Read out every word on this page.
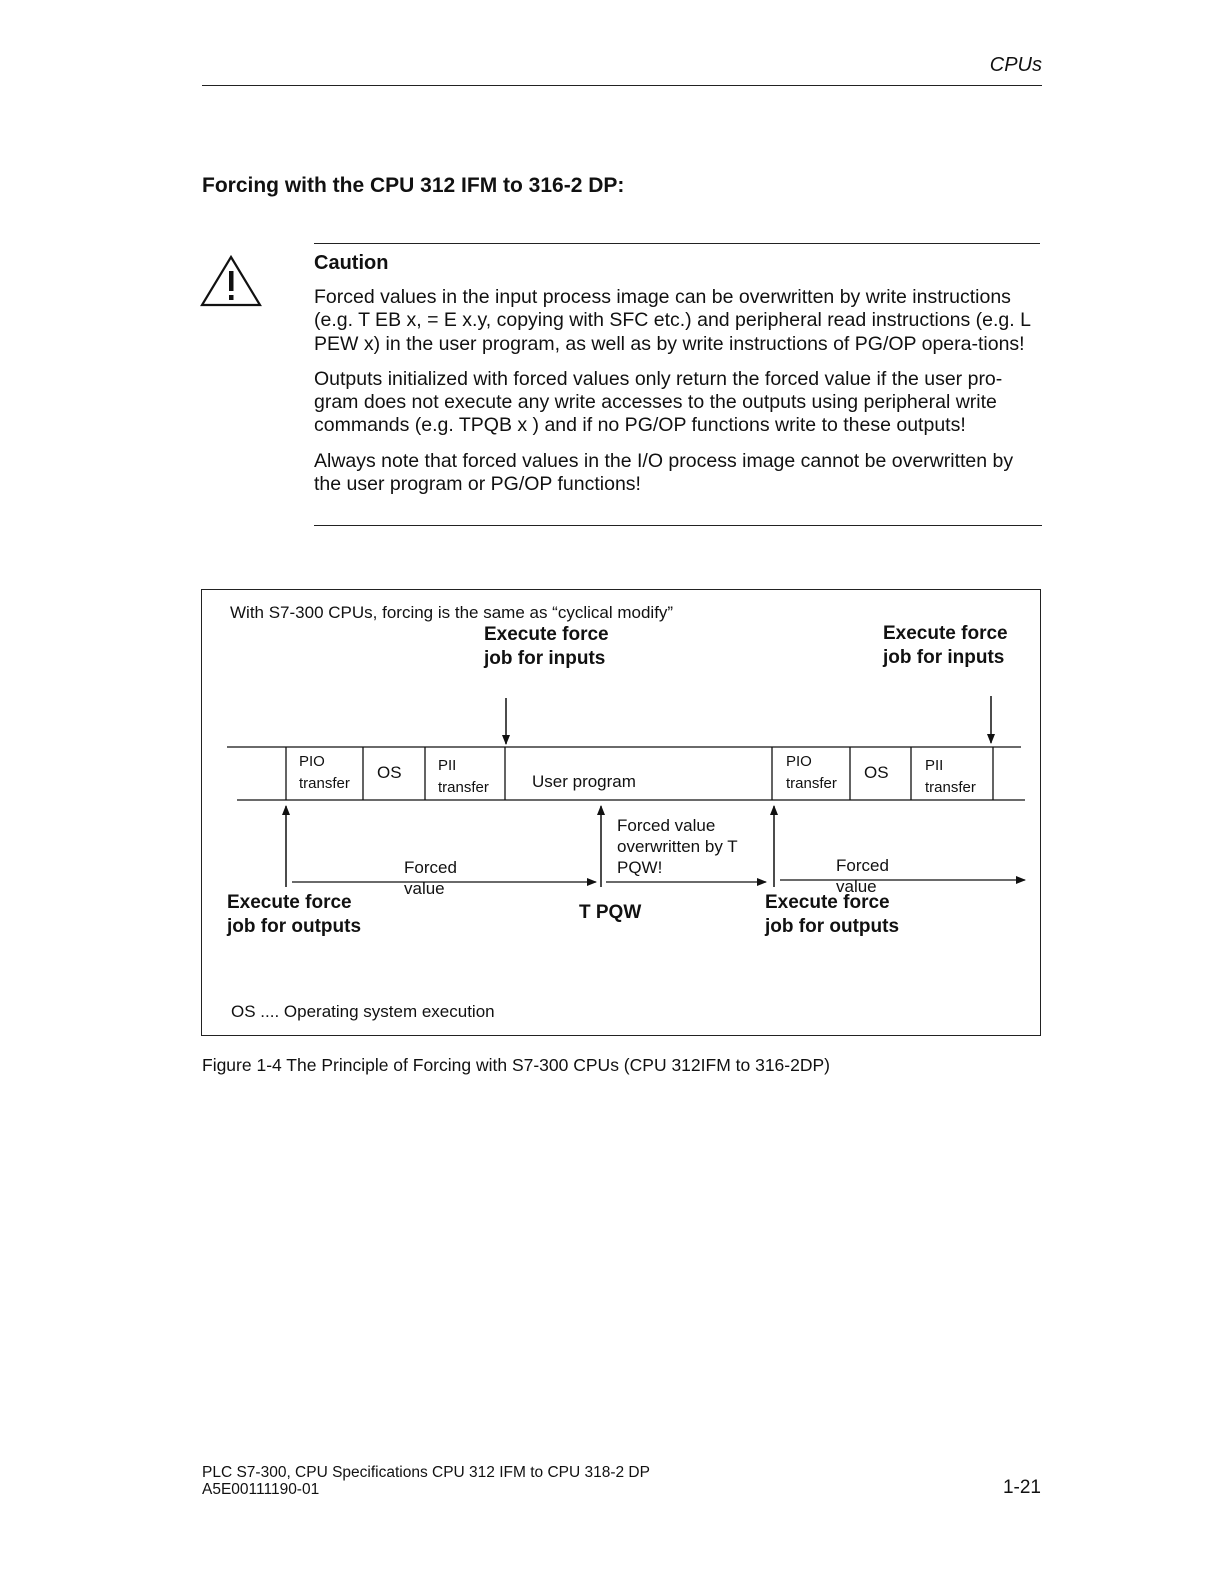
CPUs
Forcing with the CPU 312 IFM to 316-2 DP:
Caution

Forced values in the input process image can be overwritten by write instructions (e.g. T EB x, = E x.y, copying with SFC etc.) and peripheral read instructions (e.g. L PEW x) in the user program, as well as by write instructions of PG/OP opera-tions!

Outputs initialized with forced values only return the forced value if the user pro-gram does not execute any write accesses to the outputs using peripheral write commands (e.g. TPQB x ) and if no PG/OP functions write to these outputs!

Always note that forced values in the I/O process image cannot be overwritten by the user program or PG/OP functions!

With S7-300 CPUs, forcing is the same as “cyclical modify”
Execute force
job for inputs
Execute force
job for inputs
PIO
transfer
OS PII
transfer	User program
PIO
transfer
OS PII
transfer
Forced
value
Forced
value
Forced value
overwritten by T
PQW!
Execute force
job for outputs
T PQW	Execute force
job for outputs
OS .... Operating system execution
Figure 1-4 The Principle of Forcing with S7-300 CPUs (CPU 312IFM to 316-2DP)
PLC S7-300, CPU Specifications CPU 312 IFM to CPU 318-2 DP
A5E00111190-01	1-21
